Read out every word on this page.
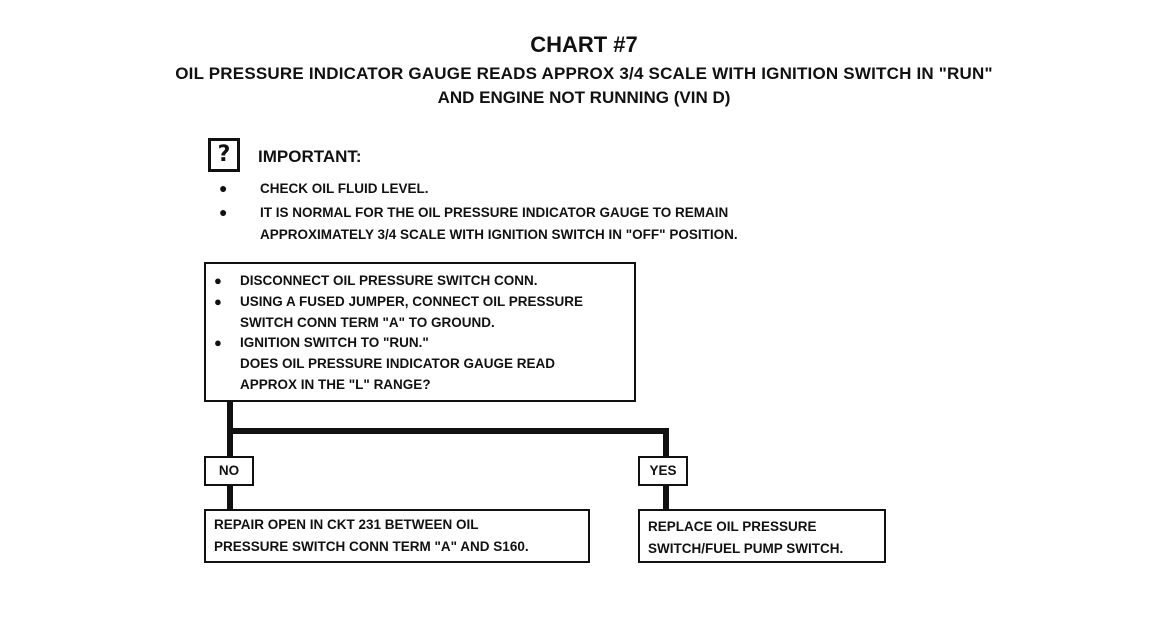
CHART #7
OIL PRESSURE INDICATOR GAUGE READS APPROX 3/4 SCALE WITH IGNITION SWITCH IN "RUN"
AND ENGINE NOT RUNNING (VIN D)
?	IMPORTANT:
● CHECK OIL FLUID LEVEL.
● IT IS NORMAL FOR THE OIL PRESSURE INDICATOR GAUGE TO REMAIN
APPROXIMATELY 3/4 SCALE WITH IGNITION SWITCH IN "OFF" POSITION.
● DISCONNECT OIL PRESSURE SWITCH CONN.
● USING A FUSED JUMPER, CONNECT OIL PRESSURE
SWITCH CONN TERM "A" TO GROUND.
● IGNITION SWITCH TO "RUN."
DOES OIL PRESSURE INDICATOR GAUGE READ
APPROX IN THE "L" RANGE?
NO	YES
REPAIR OPEN IN CKT 231 BETWEEN OIL
PRESSURE SWITCH CONN TERM "A" AND S160.
REPLACE OIL PRESSURE
SWITCH/FUEL PUMP SWITCH.
